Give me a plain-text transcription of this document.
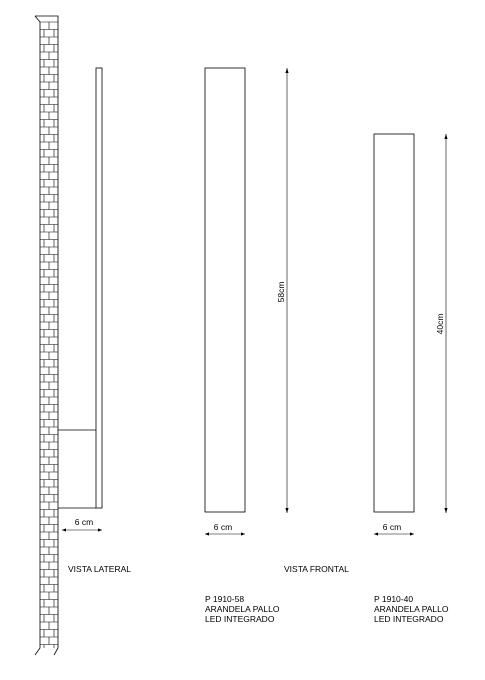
6 cm
VISTA LATERAL
58cm
6 cm
40cm
6 cm
VISTA FRONTAL
P 1910-58
ARANDELA PALLO
LED INTEGRADO
P 1910-40
ARANDELA PALLO
LED INTEGRADO
